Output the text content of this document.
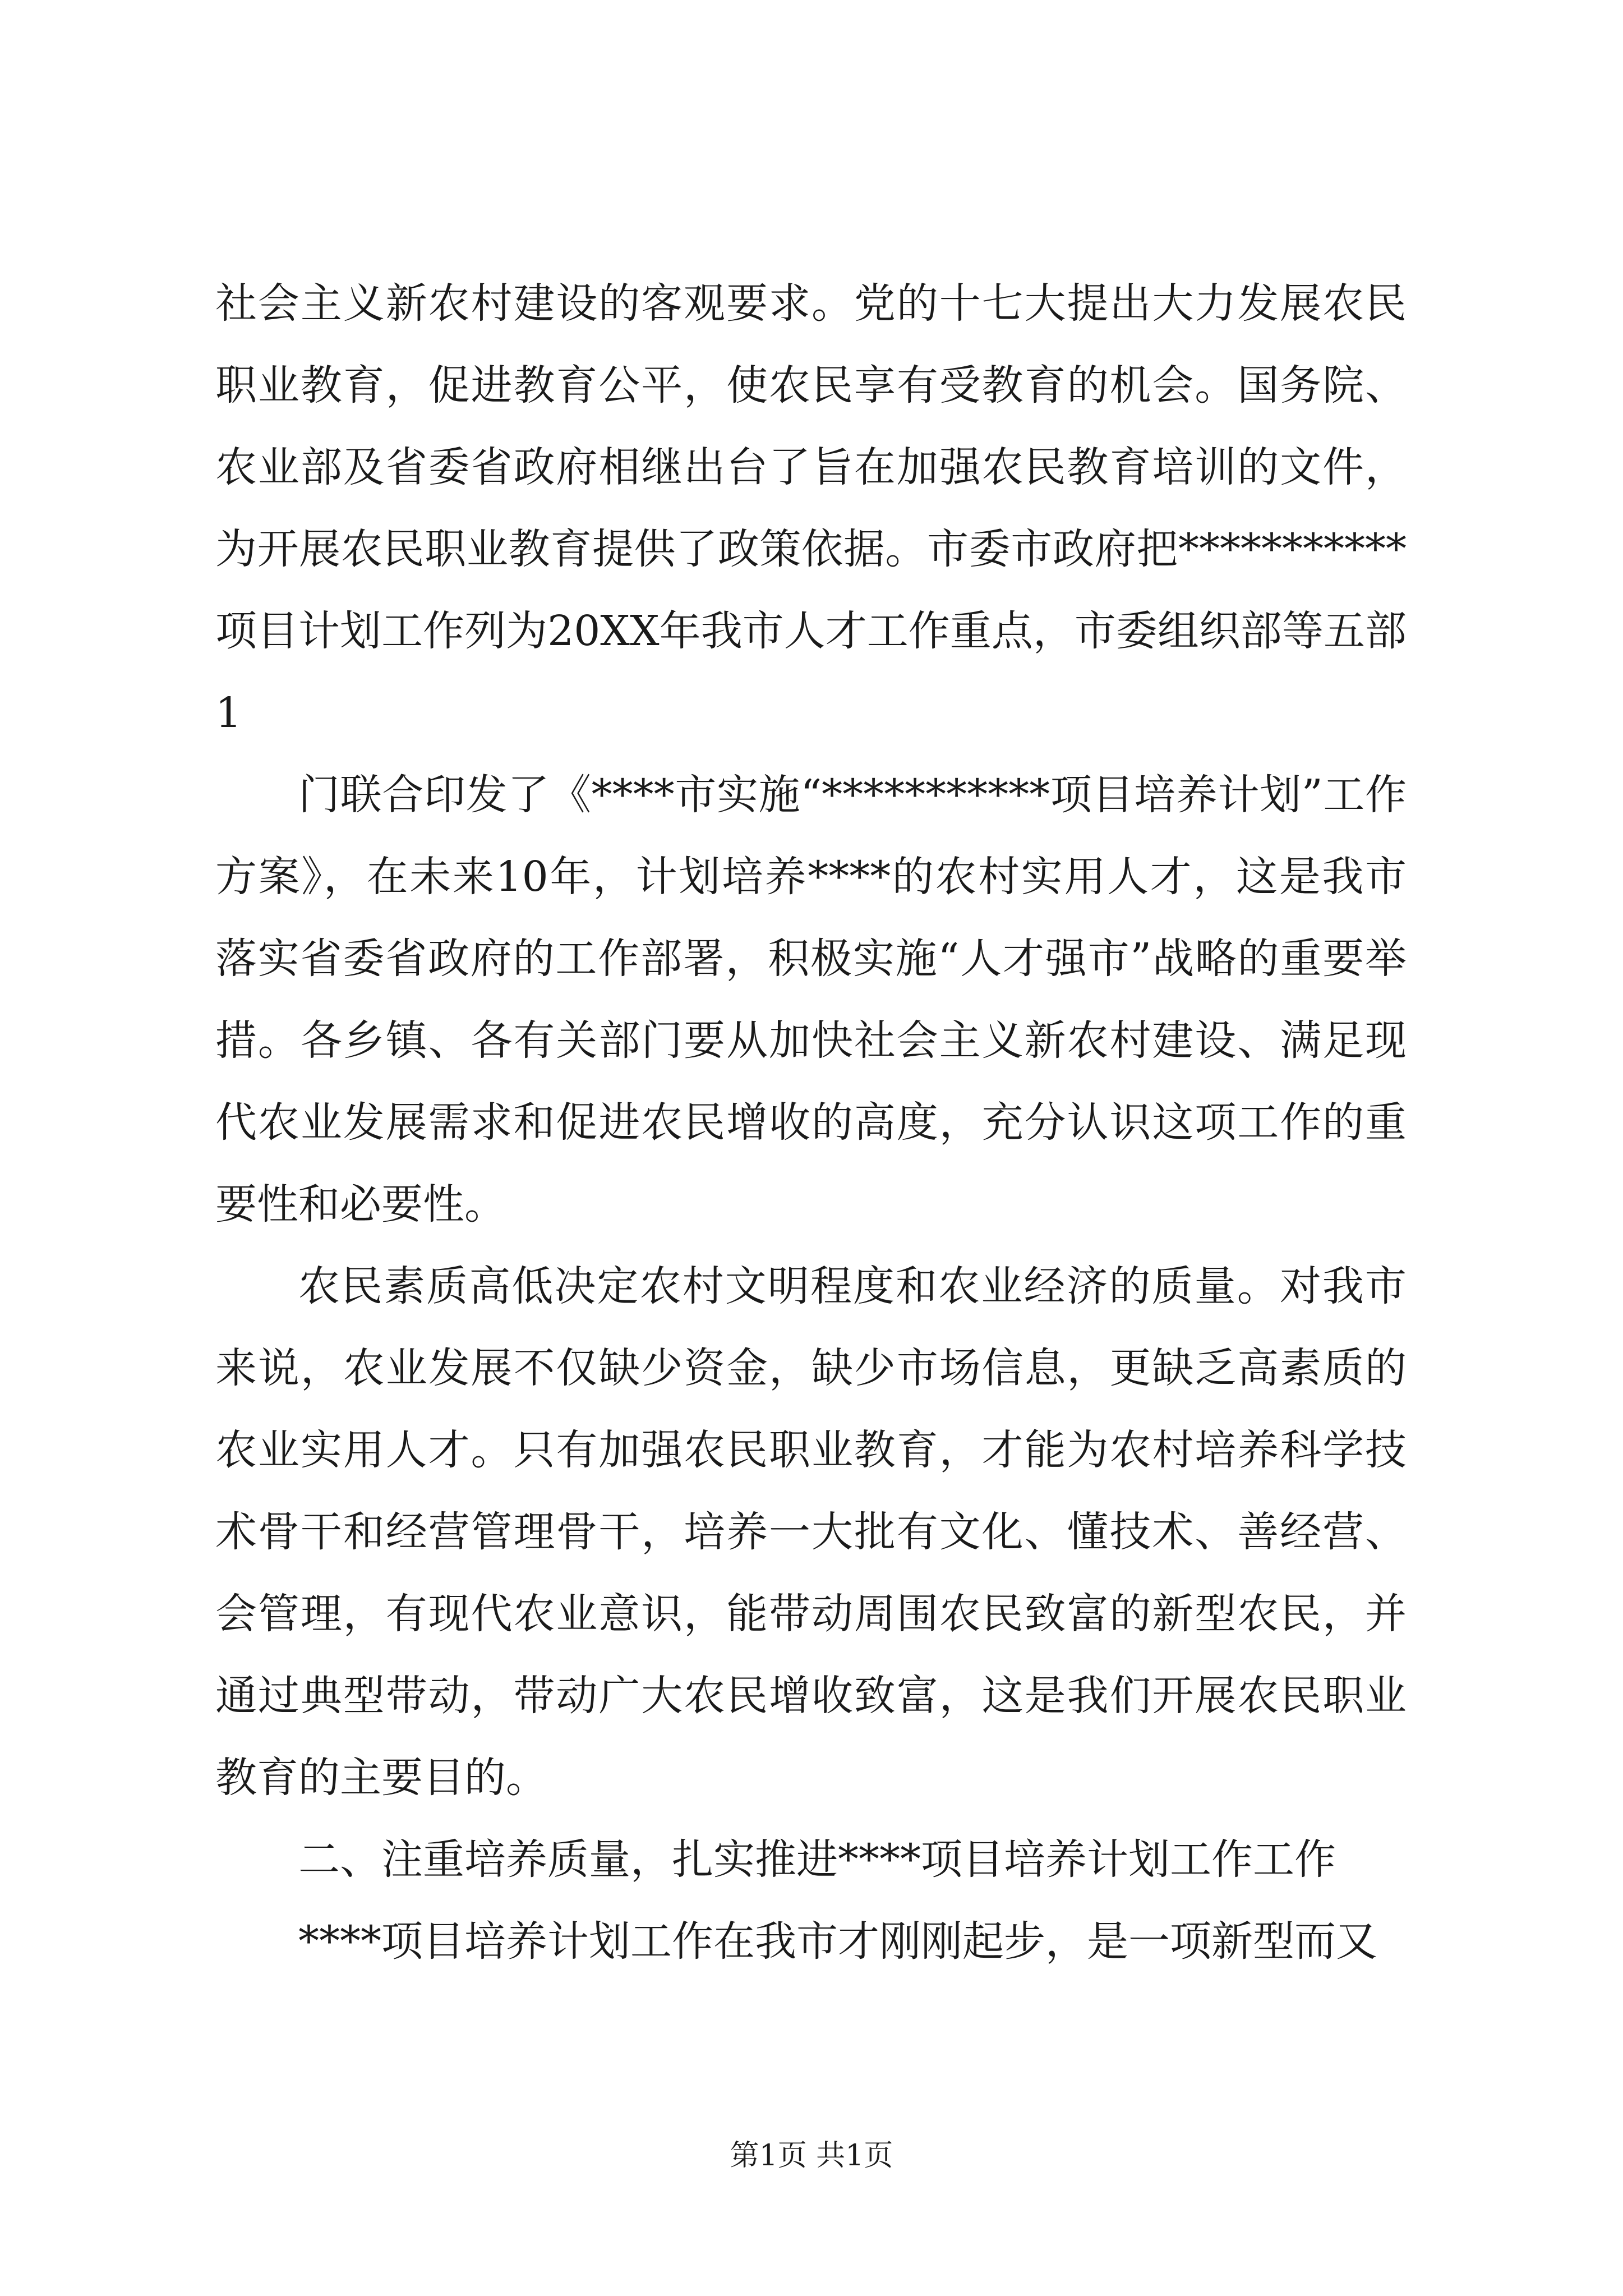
社会主义新农村建设的客观要求。党的十七大提出大力发展农民职业教育，促进教育公平，使农民享有受教育的机会。国务院、农业部及省委省政府相继出台了旨在加强农民教育培训的文件，为开展农民职业教育提供了政策依据。市委市政府把***********项目计划工作列为20XX年我市人才工作重点，市委组织部等五部1

门联合印发了《****市实施“***********项目培养计划”工作方案》，在未来10年，计划培养****的农村实用人才，这是我市落实省委省政府的工作部署，积极实施“人才强市”战略的重要举措。各乡镇、各有关部门要从加快社会主义新农村建设、满足现代农业发展需求和促进农民增收的高度，充分认识这项工作的重要性和必要性。

农民素质高低决定农村文明程度和农业经济的质量。对我市来说，农业发展不仅缺少资金，缺少市场信息，更缺乏高素质的农业实用人才。只有加强农民职业教育，才能为农村培养科学技术骨干和经营管理骨干，培养一大批有文化、懂技术、善经营、会管理，有现代农业意识，能带动周围农民致富的新型农民，并通过典型带动，带动广大农民增收致富，这是我们开展农民职业教育的主要目的。

二、注重培养质量，扎实推进****项目培养计划工作工作

****项目培养计划工作在我市才刚刚起步，是一项新型而又

第1页 共1页
